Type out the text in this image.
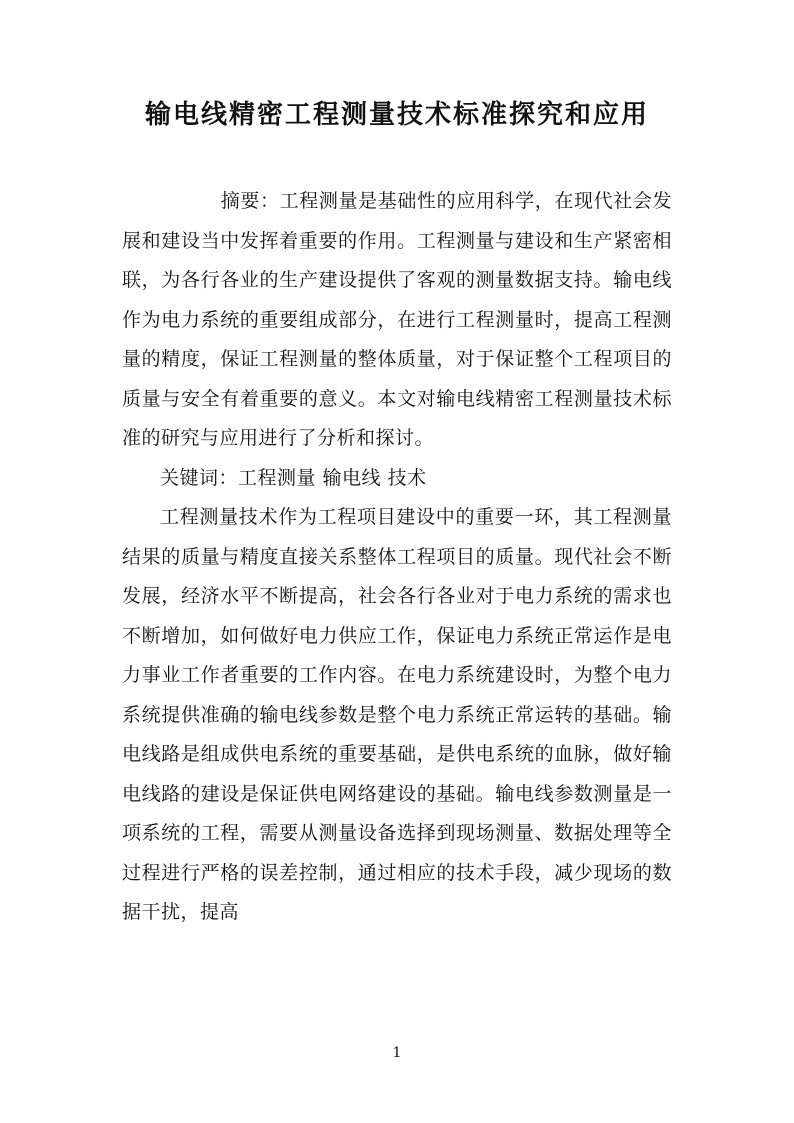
输电线精密工程测量技术标准探究和应用

摘要：工程测量是基础性的应用科学，在现代社会发展和建设当中发挥着重要的作用。工程测量与建设和生产紧密相联，为各行各业的生产建设提供了客观的测量数据支持。输电线作为电力系统的重要组成部分，在进行工程测量时，提高工程测量的精度，保证工程测量的整体质量，对于保证整个工程项目的质量与安全有着重要的意义。本文对输电线精密工程测量技术标准的研究与应用进行了分析和探讨。

关键词：工程测量 输电线 技术

工程测量技术作为工程项目建设中的重要一环，其工程测量结果的质量与精度直接关系整体工程项目的质量。现代社会不断发展，经济水平不断提高，社会各行各业对于电力系统的需求也不断增加，如何做好电力供应工作，保证电力系统正常运作是电力事业工作者重要的工作内容。在电力系统建设时，为整个电力系统提供准确的输电线参数是整个电力系统正常运转的基础。输电线路是组成供电系统的重要基础，是供电系统的血脉，做好输电线路的建设是保证供电网络建设的基础。输电线参数测量是一项系统的工程，需要从测量设备选择到现场测量、数据处理等全过程进行严格的误差控制，通过相应的技术手段，减少现场的数据干扰，提高

1
